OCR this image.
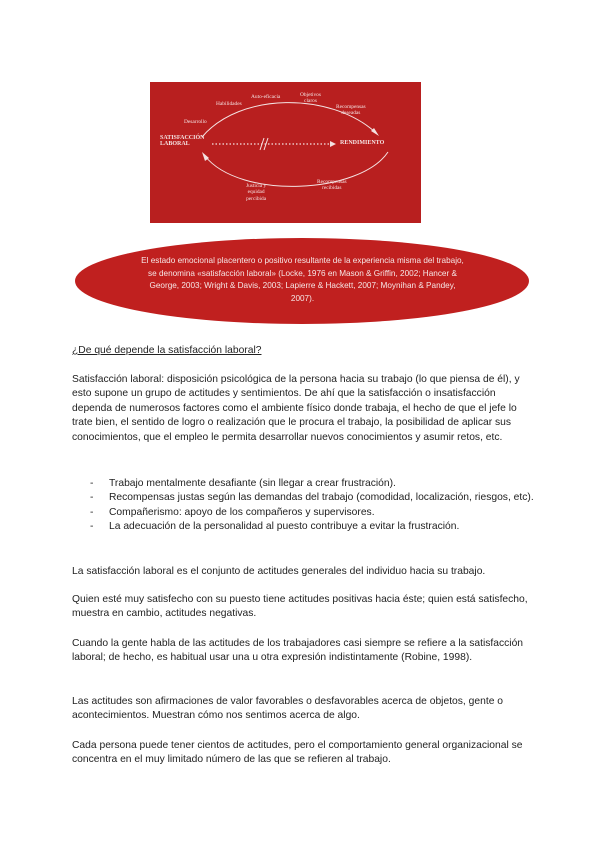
Habilidades
Auto-eficacia	Objetivos
claros
Recompensas
deseadas
Desarrollo
SATISFACCIÓN
LABORAL	RENDIMIENTO
Justicia y
equidad
percibida
Recompensas
recibidas
El estado emocional placentero o positivo resultante de la experiencia misma del trabajo, se denomina «satisfacción laboral» (Locke, 1976 en Mason & Griffin, 2002; Hancer & George, 2003; Wright & Davis, 2003; Lapierre & Hackett, 2007; Moynihan & Pandey, 2007).
¿De qué depende la satisfacción laboral?
Satisfacción laboral: disposición psicológica de la persona hacia su trabajo (lo que piensa de él), y esto supone un grupo de actitudes y sentimientos. De ahí que la satisfacción o insatisfacción dependa de numerosos factores como el ambiente físico donde trabaja, el hecho de que el jefe lo trate bien, el sentido de logro o realización que le procura el trabajo, la posibilidad de aplicar sus conocimientos, que el empleo le permita desarrollar nuevos conocimientos y asumir retos, etc.
- Trabajo mentalmente desafiante (sin llegar a crear frustración).
- Recompensas justas según las demandas del trabajo (comodidad, localización, riesgos, etc).
- Compañerismo: apoyo de los compañeros y supervisores.
- La adecuación de la personalidad al puesto contribuye a evitar la frustración.
La satisfacción laboral es el conjunto de actitudes generales del individuo hacia su trabajo.
Quien esté muy satisfecho con su puesto tiene actitudes positivas hacia éste; quien está satisfecho, muestra en cambio, actitudes negativas.
Cuando la gente habla de las actitudes de los trabajadores casi siempre se refiere a la satisfacción laboral; de hecho, es habitual usar una u otra expresión indistintamente (Robine, 1998).
Las actitudes son afirmaciones de valor favorables o desfavorables acerca de objetos, gente o acontecimientos. Muestran cómo nos sentimos acerca de algo.
Cada persona puede tener cientos de actitudes, pero el comportamiento general organizacional se concentra en el muy limitado número de las que se refieren al trabajo.
